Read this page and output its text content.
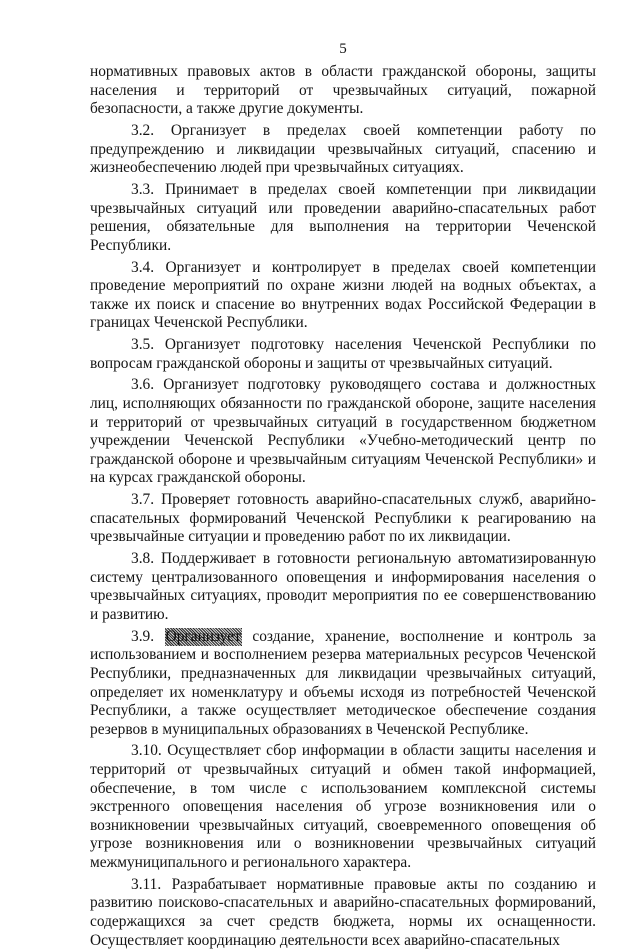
5

нормативных правовых актов в области гражданской обороны, защиты населения и территорий от чрезвычайных ситуаций, пожарной безопасности, а также другие документы.

3.2. Организует в пределах своей компетенции работу по предупреждению и ликвидации чрезвычайных ситуаций, спасению и жизнеобеспечению людей при чрезвычайных ситуациях.

3.3. Принимает в пределах своей компетенции при ликвидации чрезвычайных ситуаций или проведении аварийно-спасательных работ решения, обязательные для выполнения на территории Чеченской Республики.

3.4. Организует и контролирует в пределах своей компетенции проведение мероприятий по охране жизни людей на водных объектах, а также их поиск и спасение во внутренних водах Российской Федерации в границах Чеченской Республики.

3.5. Организует подготовку населения Чеченской Республики по вопросам гражданской обороны и защиты от чрезвычайных ситуаций.

3.6. Организует подготовку руководящего состава и должностных лиц, исполняющих обязанности по гражданской обороне, защите населения и территорий от чрезвычайных ситуаций в государственном бюджетном учреждении Чеченской Республики «Учебно-методический центр по гражданской обороне и чрезвычайным ситуациям Чеченской Республики» и на курсах гражданской обороны.

3.7. Проверяет готовность аварийно-спасательных служб, аварийно-спасательных формирований Чеченской Республики к реагированию на чрезвычайные ситуации и проведению работ по их ликвидации.

3.8. Поддерживает в готовности региональную автоматизированную систему централизованного оповещения и информирования населения о чрезвычайных ситуациях, проводит мероприятия по ее совершенствованию и развитию.

3.9.	создание, хранение, восполнение и контроль за использованием и восполнением резерва материальных ресурсов Чеченской Республики, предназначенных для ликвидации чрезвычайных ситуаций, определяет их номенклатуру и объемы исходя из потребностей Чеченской Республики, а также осуществляет методическое обеспечение создания резервов в муниципальных образованиях в Чеченской Республике.

3.10. Осуществляет сбор информации в области защиты населения и территорий от чрезвычайных ситуаций и обмен такой информацией, обеспечение, в том числе с использованием комплексной системы экстренного оповещения населения об угрозе возникновения или о возникновении чрезвычайных ситуаций, своевременного оповещения об угрозе возникновения или о возникновении чрезвычайных ситуаций межмуниципального и регионального характера.

3.11. Разрабатывает нормативные правовые акты по созданию и развитию поисково-спасательных и аварийно-спасательных формирований, содержащихся за счет средств бюджета, нормы их оснащенности. Осуществляет координацию деятельности всех аварийно-спасательных
